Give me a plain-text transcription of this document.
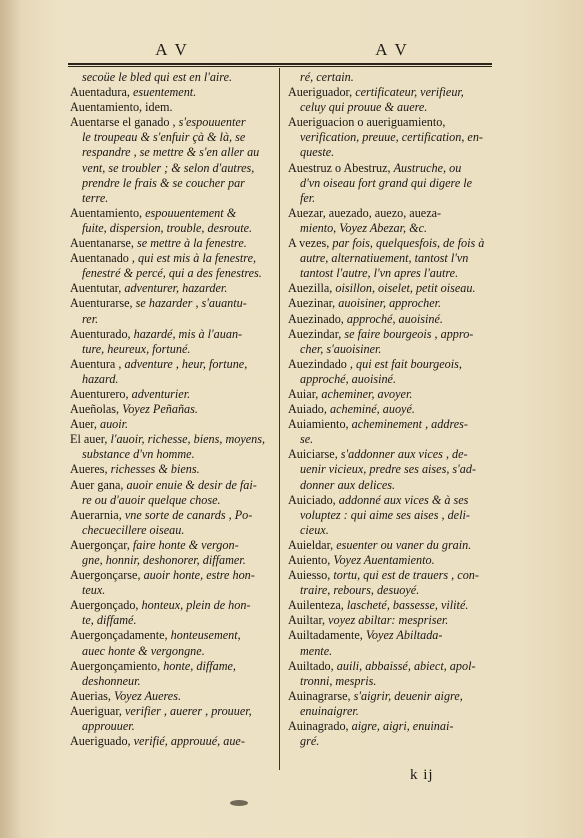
A V	A V
secoüe le bled qui est en l'aire.
Auentadura, esuentement.
Auentamiento, idem.
Auentarse el ganado , s'espouuenter
le troupeau & s'enfuir çà & là, se
respandre , se mettre & s'en aller au
vent, se troubler ; & selon d'autres,
prendre le frais & se coucher par
terre.
Auentamiento, espouuentement &
fuite, dispersion, trouble, desroute.
Auentanarse, se mettre à la fenestre.
Auentanado , qui est mis à la fenestre,
fenestré & percé, qui a des fenestres.
Auentutar, adventurer, hazarder.
Auenturarse, se hazarder , s'auantu-
rer.
Auenturado, hazardé, mis à l'auan-
ture, heureux, fortuné.
Auentura , adventure , heur, fortune,
hazard.
Auenturero, adventurier.
Aueñolas, Voyez Peñañas.
Auer, auoir.
El auer, l'auoir, richesse, biens, moyens,
substance d'vn homme.
Aueres, richesses & biens.
Auer gana, auoir enuie & desir de fai-
re ou d'auoir quelque chose.
Auerarnia, vne sorte de canards , Po-
checuecillere oiseau.
Auergonçar, faire honte & vergon-
gne, honnir, deshonorer, diffamer.
Auergonçarse, auoir honte, estre hon-
teux.
Auergonçado, honteux, plein de hon-
te, diffamé.
Auergonçadamente, honteusement,
auec honte & vergongne.
Auergonçamiento, honte, diffame,
deshonneur.
Auerias, Voyez Aueres.
Aueriguar, verifier , auerer , prouuer,
approuuer.
Aueriguado, verifié, approuué, aue-
ré, certain.
Aueriguador, certificateur, verifieur,
celuy qui prouue & auere.
Aueriguacion o aueriguamiento,
verification, preuue, certification, en-
queste.
Auestruz o Abestruz, Austruche, ou
d'vn oiseau fort grand qui digere le
fer.
Auezar, auezado, auezo, aueza-
miento, Voyez Abezar, &c.
A vezes, par fois, quelquesfois, de fois à
autre, alternatiuement, tantost l'vn
tantost l'autre, l'vn apres l'autre.
Auezilla, oisillon, oiselet, petit oiseau.
Auezinar, auoisiner, approcher.
Auezinado, approché, auoisiné.
Auezindar, se faire bourgeois , appro-
cher, s'auoisiner.
Auezindado , qui est fait bourgeois,
approché, auoisiné.
Auiar, acheminer, avoyer.
Auiado, acheminé, auoyé.
Auiamiento, acheminement , addres-
se.
Auiciarse, s'addonner aux vices , de-
uenir vicieux, predre ses aises, s'ad-
donner aux delices.
Auiciado, addonné aux vices & à ses
voluptez : qui aime ses aises , deli-
cieux.
Auieldar, esuenter ou vaner du grain.
Auiento, Voyez Auentamiento.
Auiesso, tortu, qui est de trauers , con-
traire, rebours, desuoyé.
Auilenteza, lascheté, bassesse, vilité.
Auiltar, voyez abiltar: mespriser.
Auiltadamente, Voyez Abiltada-
mente.
Auiltado, auili, abbaissé, abiect, apol-
tronni, mespris.
Auinagrarse, s'aigrir, deuenir aigre,
enuinaigrer.
Auinagrado, aigre, aigri, enuinai-
gré.
k ij
